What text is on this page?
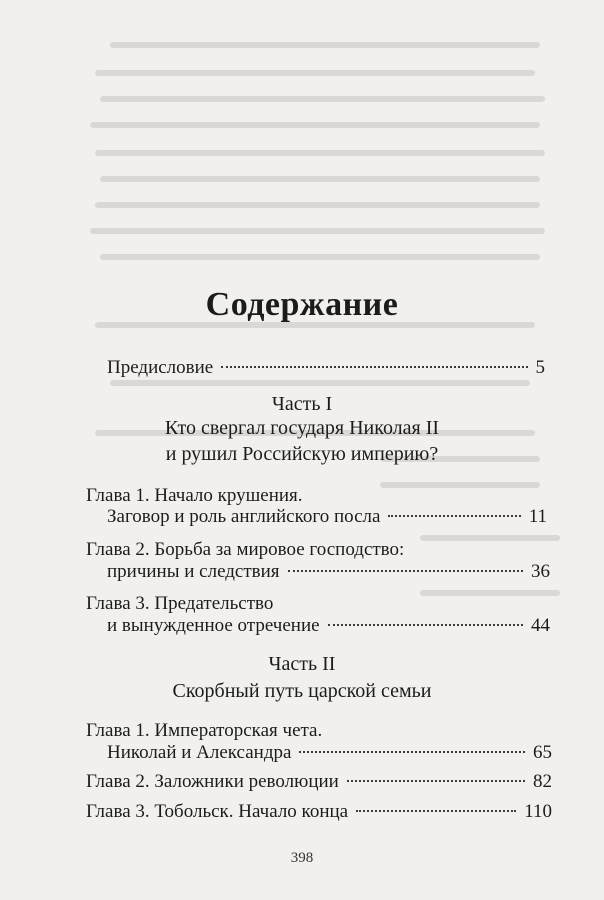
Содержание
Предисловие	5
Часть I
Кто свергал государя Николая II
и рушил Российскую империю?
Глава 1. Начало крушения.
Заговор и роль английского посла	11
Глава 2. Борьба за мировое господство:
причины и следствия	36
Глава 3. Предательство
и вынужденное отречение	44
Часть II
Скорбный путь царской семьи
Глава 1. Императорская чета.
Николай и Александра	65
Глава 2. Заложники революции	82
Глава 3. Тобольск. Начало конца	110
398
